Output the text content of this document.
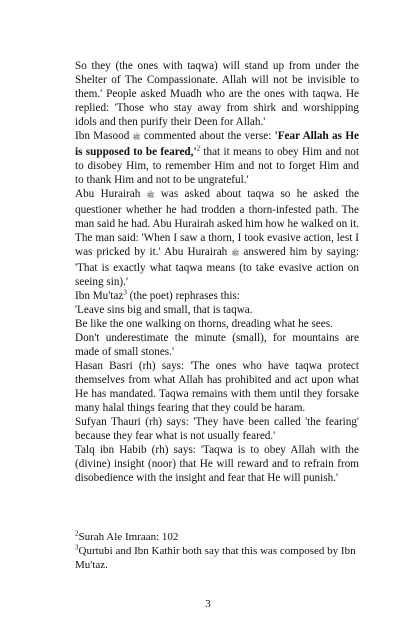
So they (the ones with taqwa) will stand up from under the Shelter of The Compassionate. Allah will not be invisible to them.' People asked Muadh who are the ones with taqwa. He replied: 'Those who stay away from shirk and worshipping idols and then purify their Deen for Allah.'

Ibn Masood ﷺ commented about the verse: 'Fear Allah as He is supposed to be $feared,'^2$ that it means to obey Him and not to disobey Him, to remember Him and not to forget Him and to thank Him and not to be ungrateful.'

Abu Hurairah ﷺ was asked about taqwa so he asked the questioner whether he had trodden a thorn-infested path. The man said he had. Abu Hurairah asked him how he walked on it. The man said: 'When I saw a thorn, I took evasive action, lest I was pricked by it.' Abu Hurairah ﷺ answered him by saying: 'That is exactly what taqwa means (to take evasive action on seeing sin).'

Ibn Mu'taz$^3$ (the poet) rephrases this:

'Leave sins big and small, that is taqwa.

Be like the one walking on thorns, dreading what he sees.

Don't underestimate the minute (small), for mountains are made of small stones.'

Hasan Basri (rh) says: 'The ones who have taqwa protect themselves from what Allah has prohibited and act upon what He has mandated. Taqwa remains with them until they forsake many halal things fearing that they could be haram.

Sufyan Thauri (rh) says: 'They have been called 'the fearing' because they fear what is not usually feared.'

Talq ibn Habib (rh) says: 'Taqwa is to obey Allah with the (divine) insight (noor) that He will reward and to refrain from disobedience with the insight and fear that He will punish.'

$^2$Surah Ale Imraan: 102

$^3$Qurtubi and Ibn Kathir both say that this was composed by Ibn Mu'taz.

3
